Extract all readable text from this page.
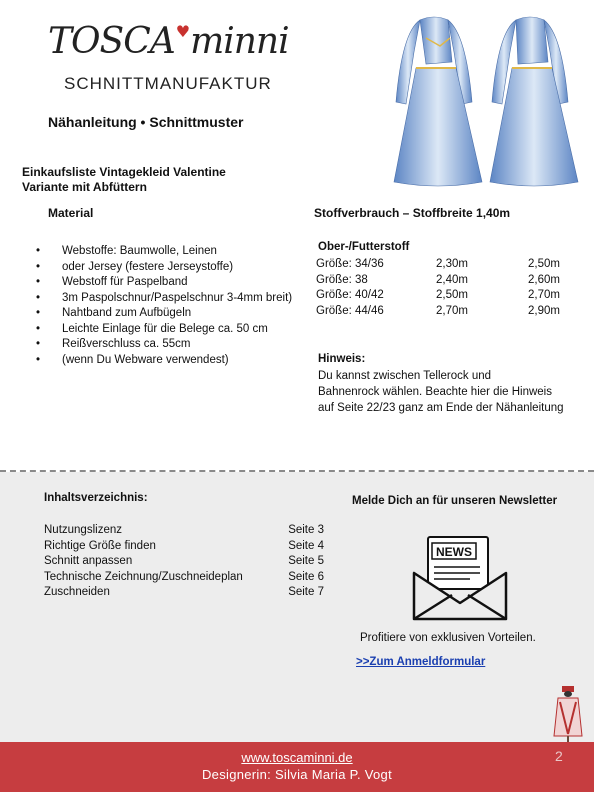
TOSCA♥minni
SCHNITTMANUFAKTUR
Nähanleitung • Schnittmuster
Einkaufsliste Vintagekleid Valentine
Variante mit Abfüttern
Material	Stoffverbrauch – Stoffbreite 1,40m
• Webstoffe: Baumwolle, Leinen
• oder Jersey (festere Jerseystoffe)
• Webstoff für Paspelband
• 3m Paspolschnur/Paspelschnur 3-4mm breit)
• Nahtband zum Aufbügeln
• Leichte Einlage für die Belege ca. 50 cm
• Reißverschluss ca. 55cm
• (wenn Du Webware verwendest)
Ober-/Futterstoff
Größe: 34/36	2,30m	2,50m
Größe: 38	2,40m	2,60m
Größe: 40/42	2,50m	2,70m
Größe: 44/46	2,70m	2,90m
Hinweis:
Du kannst zwischen Tellerock und
Bahnenrock wählen. Beachte hier die Hinweis
auf Seite 22/23 ganz am Ende der Nähanleitung
Inhaltsverzeichnis:
Nutzungslizenz	Seite 3
Richtige Größe finden	Seite 4
Schnitt anpassen	Seite 5
Technische Zeichnung/Zuschneideplan	Seite 6
Zuschneiden	Seite 7
Melde Dich an für unseren Newsletter
NEWS
Profitiere von exklusiven Vorteilen.
>>Zum Anmeldformular
www.toscaminni.de
Designerin: Silvia Maria P. Vogt
2
